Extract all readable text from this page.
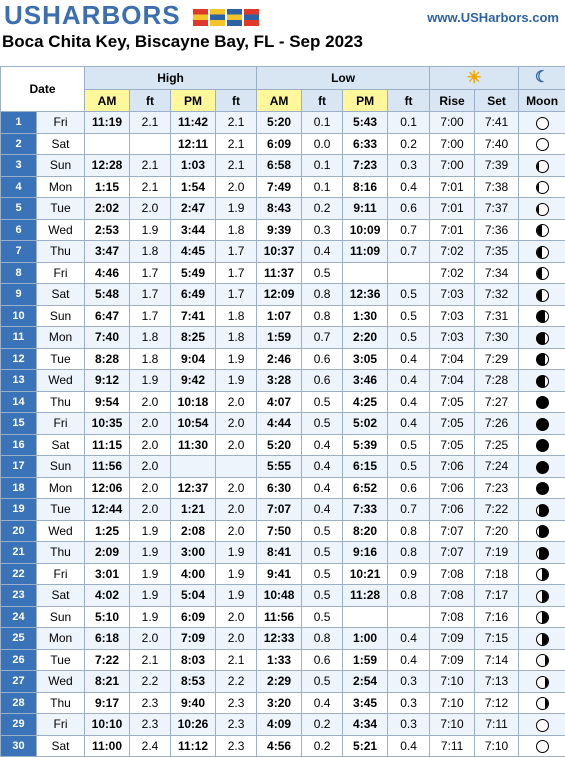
USHARBORS	www.USHarbors.com
Boca Chita Key, Biscayne Bay, FL - Sep 2023
Date		High				Low				☀		☾
		AM	ft	PM	ft	AM	ft	PM	ft	Rise	Set	Moon
1	Fri	11:19	2.1	11:42	2.1	5:20	0.1	5:43	0.1	7:00	7:41	
2	Sat			12:11	2.1	6:09	0.0	6:33	0.2	7:00	7:40	
3	Sun	12:28	2.1	1:03	2.1	6:58	0.1	7:23	0.3	7:00	7:39	

4	Mon	1:15	2.1	1:54	2.0	7:49	0.1	8:16	0.4	7:01	7:38	

5	Tue	2:02	2.0	2:47	1.9	8:43	0.2	9:11	0.6	7:01	7:37	

6	Wed	2:53	1.9	3:44	1.8	9:39	0.3	10:09	0.7	7:01	7:36	

7	Thu	3:47	1.8	4:45	1.7	10:37	0.4	11:09	0.7	7:02	7:35	

8	Fri	4:46	1.7	5:49	1.7	11:37	0.5			7:02	7:34	

9	Sat	5:48	1.7	6:49	1.7	12:09	0.8	12:36	0.5	7:03	7:32	

10	Sun	6:47	1.7	7:41	1.8	1:07	0.8	1:30	0.5	7:03	7:31	

11	Mon	7:40	1.8	8:25	1.8	1:59	0.7	2:20	0.5	7:03	7:30	

12	Tue	8:28	1.8	9:04	1.9	2:46	0.6	3:05	0.4	7:04	7:29	

13	Wed	9:12	1.9	9:42	1.9	3:28	0.6	3:46	0.4	7:04	7:28	

14	Thu	9:54	2.0	10:18	2.0	4:07	0.5	4:25	0.4	7:05	7:27	
15	Fri	10:35	2.0	10:54	2.0	4:44	0.5	5:02	0.4	7:05	7:26	
16	Sat	11:15	2.0	11:30	2.0	5:20	0.4	5:39	0.5	7:05	7:25	
17	Sun	11:56	2.0			5:55	0.4	6:15	0.5	7:06	7:24	
18	Mon	12:06	2.0	12:37	2.0	6:30	0.4	6:52	0.6	7:06	7:23	
19	Tue	12:44	2.0	1:21	2.0	7:07	0.4	7:33	0.7	7:06	7:22	

20	Wed	1:25	1.9	2:08	2.0	7:50	0.5	8:20	0.8	7:07	7:20	

21	Thu	2:09	1.9	3:00	1.9	8:41	0.5	9:16	0.8	7:07	7:19	

22	Fri	3:01	1.9	4:00	1.9	9:41	0.5	10:21	0.9	7:08	7:18	

23	Sat	4:02	1.9	5:04	1.9	10:48	0.5	11:28	0.8	7:08	7:17	

24	Sun	5:10	1.9	6:09	2.0	11:56	0.5			7:08	7:16	

25	Mon	6:18	2.0	7:09	2.0	12:33	0.8	1:00	0.4	7:09	7:15	

26	Tue	7:22	2.1	8:03	2.1	1:33	0.6	1:59	0.4	7:09	7:14	

27	Wed	8:21	2.2	8:53	2.2	2:29	0.5	2:54	0.3	7:10	7:13	

28	Thu	9:17	2.3	9:40	2.3	3:20	0.4	3:45	0.3	7:10	7:12	

29	Fri	10:10	2.3	10:26	2.3	4:09	0.2	4:34	0.3	7:10	7:11	
30	Sat	11:00	2.4	11:12	2.3	4:56	0.2	5:21	0.4	7:11	7:10	
